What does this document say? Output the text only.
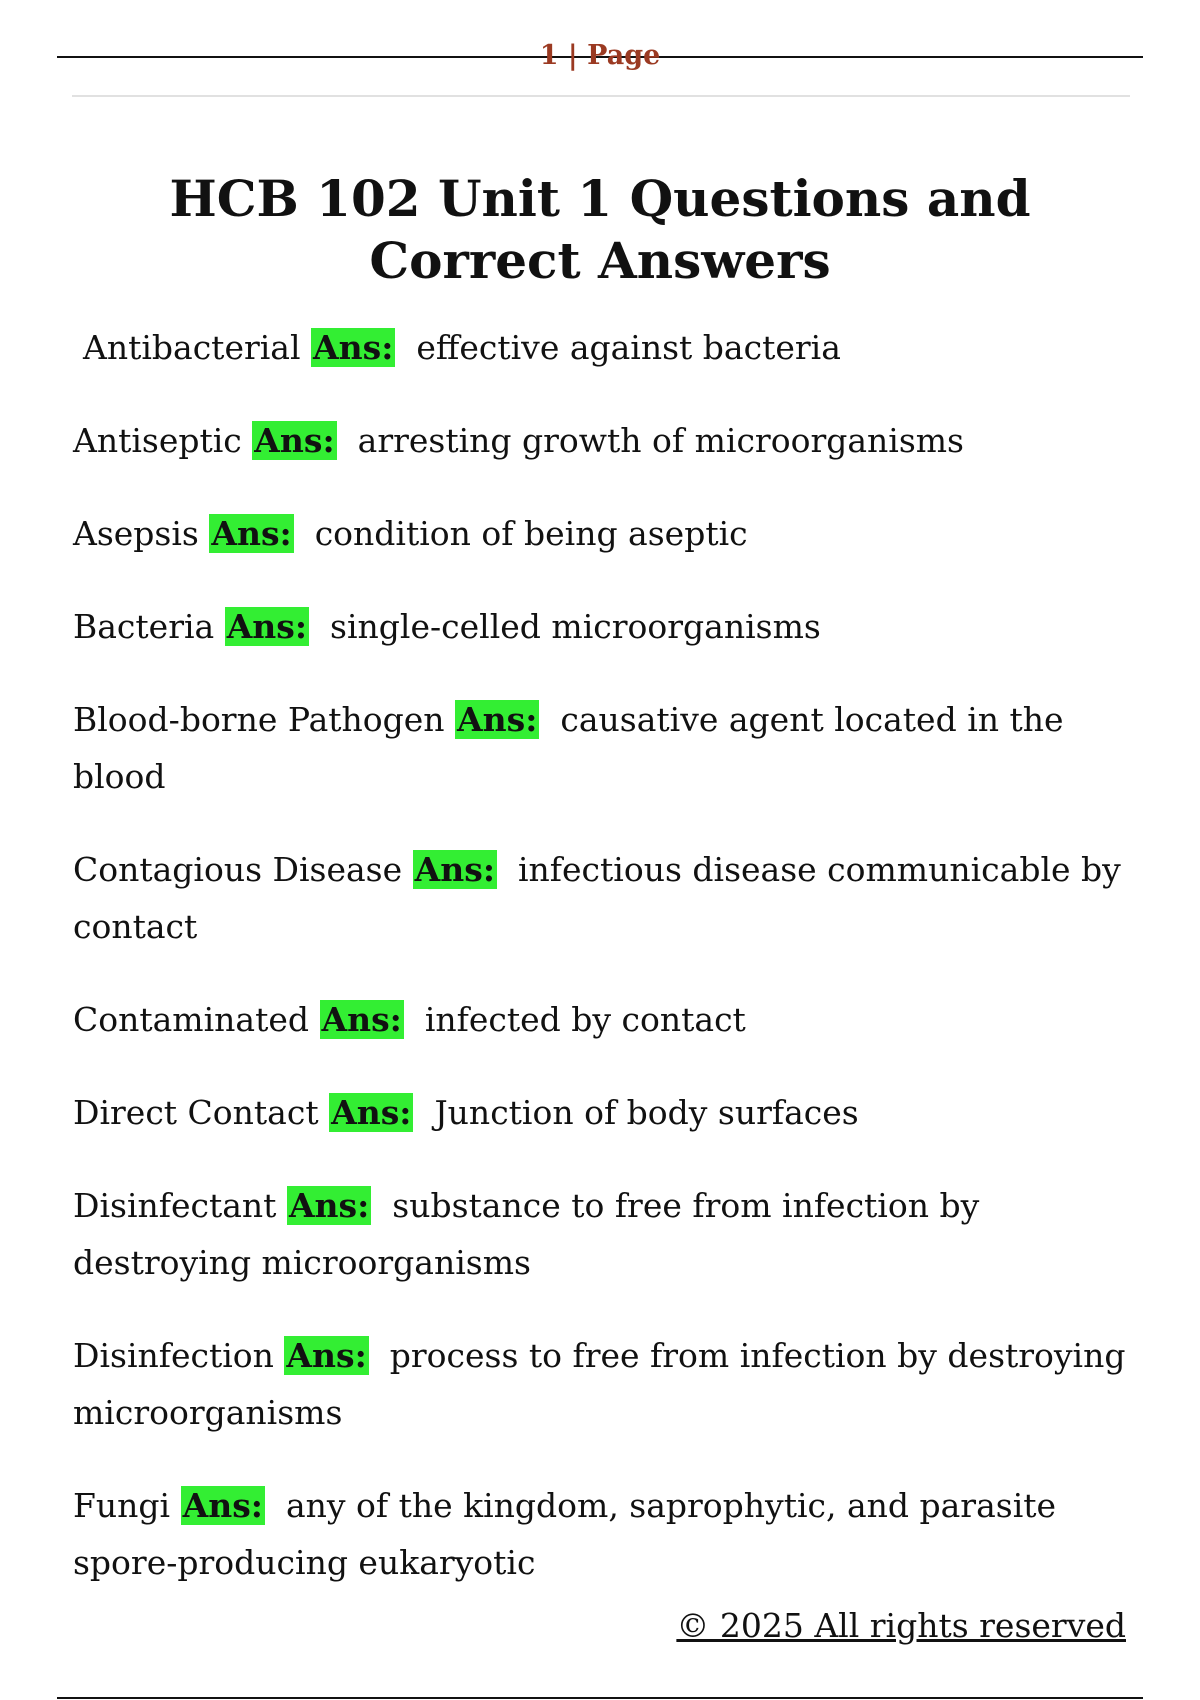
1 | Page
HCB 102 Unit 1 Questions and Correct Answers

Antibacterial Ans: effective against bacteria

Antiseptic Ans: arresting growth of microorganisms

Asepsis Ans: condition of being aseptic

Bacteria Ans: single-celled microorganisms

Blood-borne Pathogen Ans: causative agent located in the blood

Contagious Disease Ans: infectious disease communicable by contact

Contaminated Ans: infected by contact

Direct Contact Ans: Junction of body surfaces

Disinfectant Ans: substance to free from infection by destroying microorganisms

Disinfection Ans: process to free from infection by destroying microorganisms

Fungi Ans: any of the kingdom, saprophytic, and parasite spore-producing eukaryotic

© 2025 All rights reserved
